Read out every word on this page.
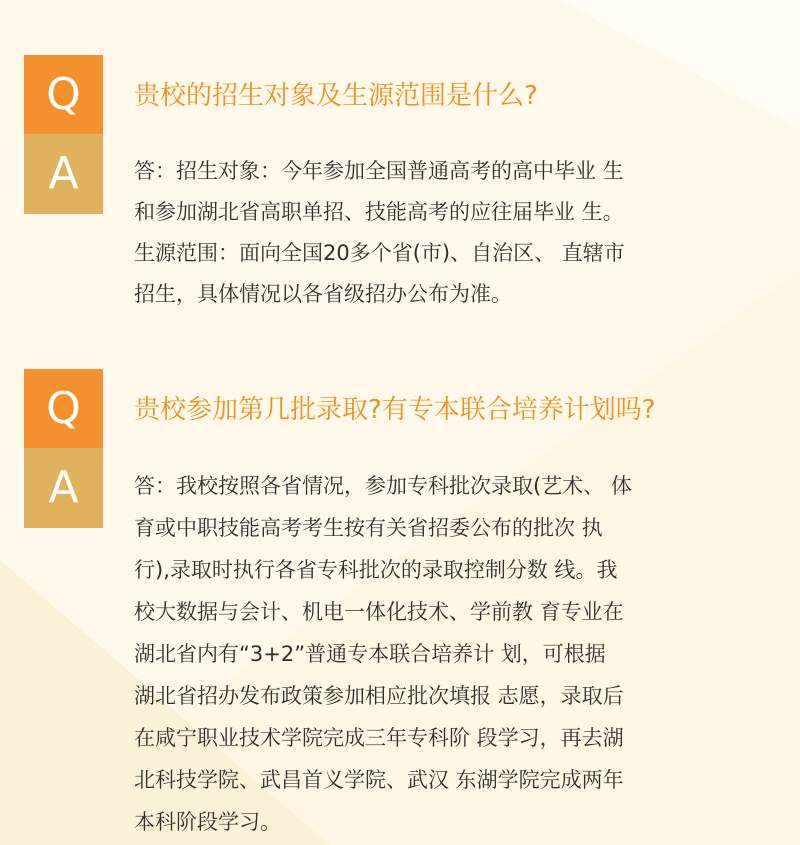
Q
A
贵校的招生对象及生源范围是什么?
答：招生对象：今年参加全国普通高考的高中毕业 生
和参加湖北省高职单招、技能高考的应往届毕业 生。
生源范围：面向全国20多个省(市)、自治区、 直辖市
招生，具体情况以各省级招办公布为准。
Q
A
贵校参加第几批录取?有专本联合培养计划吗?
答：我校按照各省情况，参加专科批次录取(艺术、 体
育或中职技能高考考生按有关省招委公布的批次 执
行),录取时执行各省专科批次的录取控制分数 线。我
校大数据与会计、机电一体化技术、学前教 育专业在
湖北省内有“3+2”普通专本联合培养计 划，可根据
湖北省招办发布政策参加相应批次填报 志愿，录取后
在咸宁职业技术学院完成三年专科阶 段学习，再去湖
北科技学院、武昌首义学院、武汉 东湖学院完成两年
本科阶段学习。
